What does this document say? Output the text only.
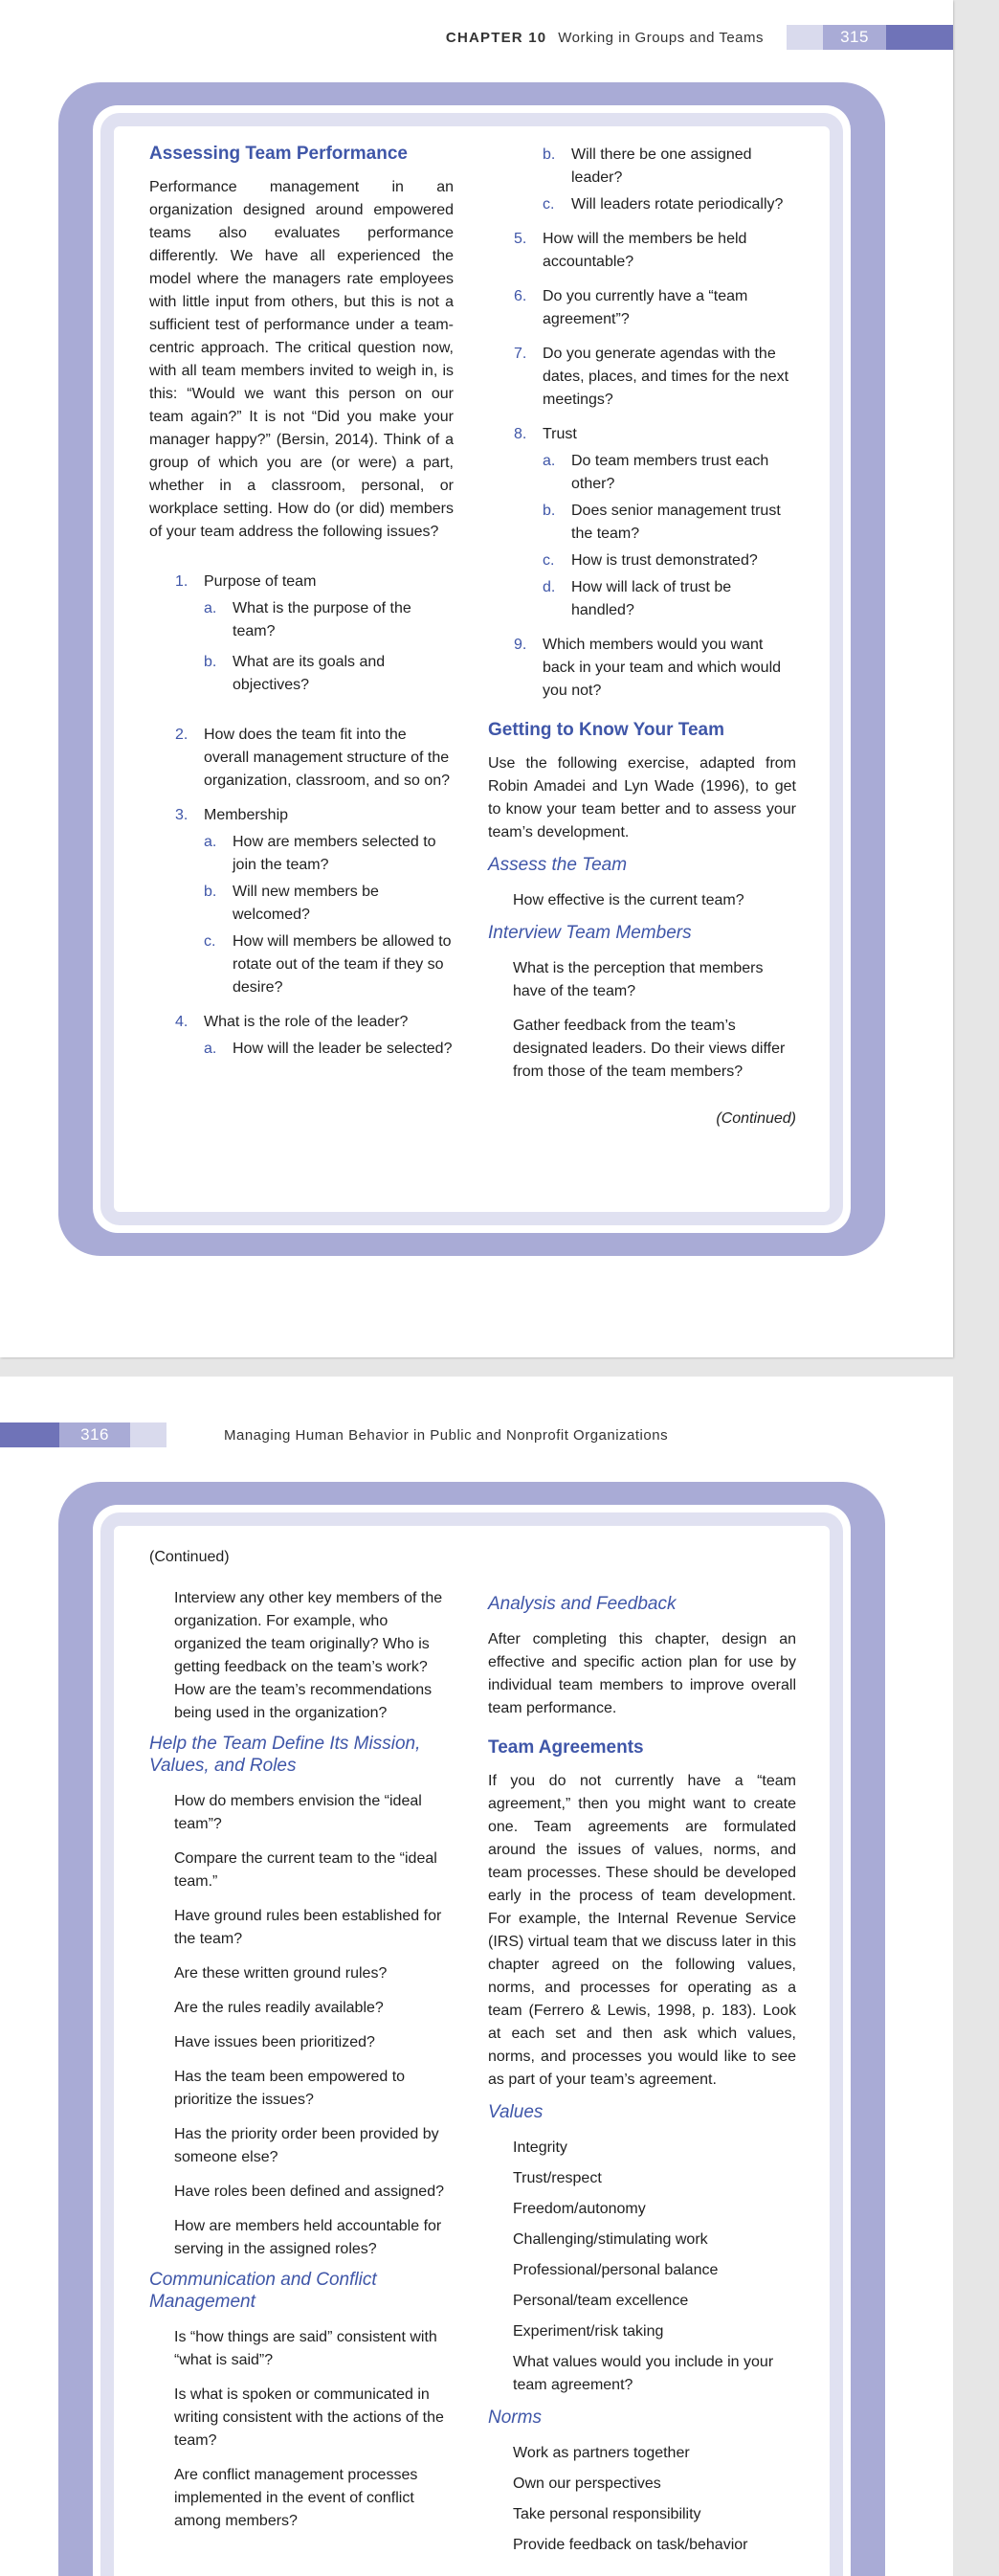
CHAPTER 10 Working in Groups and Teams	315
Assessing Team Performance

Performance management in an organization designed around empowered teams also evaluates performance differently. We have all experienced the model where the managers rate employees with little input from others, but this is not a sufficient test of performance under a team-centric approach. The critical question now, with all team members invited to weigh in, is this: “Would we want this person on our team again?” It is not “Did you make your manager happy?” (Bersin, 2014). Think of a group of which you are (or were) a part, whether in a classroom, personal, or workplace setting. How do (or did) members of your team address the following issues?

1.	Purpose of team
a.	What is the purpose of the team?
b.	What are its goals and objectives?
2.	How does the team fit into the overall management structure of the organization, classroom, and so on?
3.	Membership
a.	How are members selected to join the team?
b.	Will new members be welcomed?
c.	How will members be allowed to rotate out of the team if they so desire?
4.	What is the role of the leader?
a.	How will the leader be selected?
b.	Will there be one assigned leader?
c.	Will leaders rotate periodically?
5.	How will the members be held accountable?
6.	Do you currently have a “team agreement”?
7.	Do you generate agendas with the dates, places, and times for the next meetings?
8.	Trust
a.	Do team members trust each other?
b.	Does senior management trust the team?
c.	How is trust demonstrated?
d.	How will lack of trust be handled?
9.	Which members would you want back in your team and which would you not?
Getting to Know Your Team

Use the following exercise, adapted from Robin Amadei and Lyn Wade (1996), to get to know your team better and to assess your team’s development.

Assess the Team
How effective is the current team?
Interview Team Members
What is the perception that members have of the team?
Gather feedback from the team’s designated leaders. Do their views differ from those of the team members?
(Continued)
316	Managing Human Behavior in Public and Nonprofit Organizations
(Continued)
Interview any other key members of the organization. For example, who organized the team originally? Who is getting feedback on the team’s work? How are the team’s recommendations being used in the organization?
Help the Team Define Its Mission, Values, and Roles
How do members envision the “ideal team”?
Compare the current team to the “ideal team.”
Have ground rules been established for the team?
Are these written ground rules?
Are the rules readily available?
Have issues been prioritized?
Has the team been empowered to prioritize the issues?
Has the priority order been provided by someone else?
Have roles been defined and assigned?
How are members held accountable for serving in the assigned roles?
Communication and Conflict Management
Is “how things are said” consistent with “what is said”?
Is what is spoken or communicated in writing consistent with the actions of the team?
Are conflict management processes implemented in the event of conflict among members?
Analysis and Feedback

After completing this chapter, design an effective and specific action plan for use by individual team members to improve overall team performance.

Team Agreements

If you do not currently have a “team agreement,” then you might want to create one. Team agreements are formulated around the issues of values, norms, and team processes. These should be developed early in the process of team development. For example, the Internal Revenue Service (IRS) virtual team that we discuss later in this chapter agreed on the following values, norms, and processes for operating as a team (Ferrero & Lewis, 1998, p. 183). Look at each set and then ask which values, norms, and processes you would like to see as part of your team’s agreement.

Values
Integrity
Trust/respect
Freedom/autonomy
Challenging/stimulating work
Professional/personal balance
Personal/team excellence
Experiment/risk taking
What values would you include in your team agreement?
Norms
Work as partners together
Own our perspectives
Take personal responsibility
Provide feedback on task/behavior
